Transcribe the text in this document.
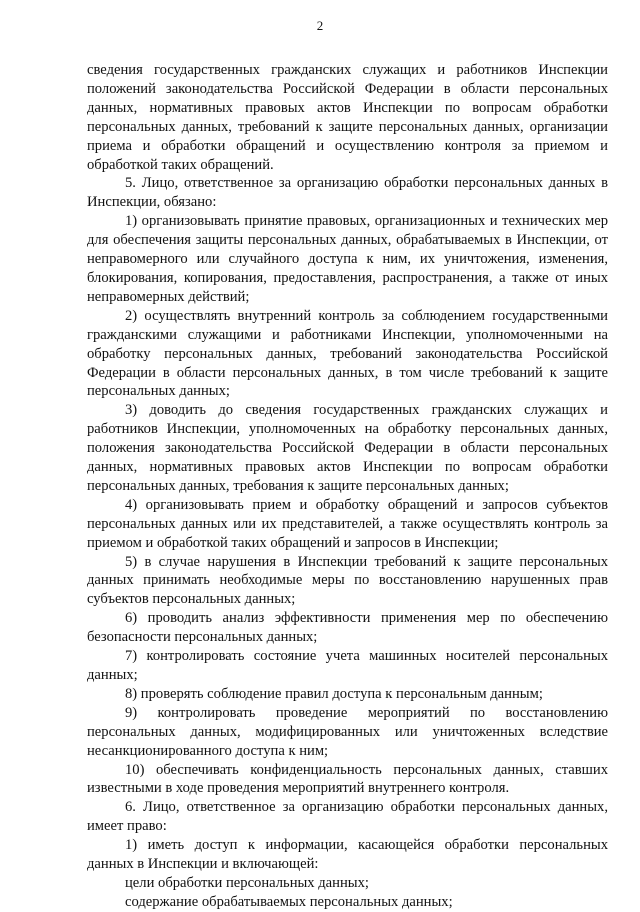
2

сведения государственных гражданских служащих и работников Инспекции положений законодательства Российской Федерации в области персональных данных, нормативных правовых актов Инспекции по вопросам обработки персональных данных, требований к защите персональных данных, организации приема и обработки обращений и осуществлению контроля за приемом и обработкой таких обращений.

5. Лицо, ответственное за организацию обработки персональных данных в Инспекции, обязано:

1) организовывать принятие правовых, организационных и технических мер для обеспечения защиты персональных данных, обрабатываемых в Инспекции, от неправомерного или случайного доступа к ним, их уничтожения, изменения, блокирования, копирования, предоставления, распространения, а также от иных неправомерных действий;

2) осуществлять внутренний контроль за соблюдением государственными гражданскими служащими и работниками Инспекции, уполномоченными на обработку персональных данных, требований законодательства Российской Федерации в области персональных данных, в том числе требований к защите персональных данных;

3) доводить до сведения государственных гражданских служащих и работников Инспекции, уполномоченных на обработку персональных данных, положения законодательства Российской Федерации в области персональных данных, нормативных правовых актов Инспекции по вопросам обработки персональных данных, требования к защите персональных данных;

4) организовывать прием и обработку обращений и запросов субъектов персональных данных или их представителей, а также осуществлять контроль за приемом и обработкой таких обращений и запросов в Инспекции;

5) в случае нарушения в Инспекции требований к защите персональных данных принимать необходимые меры по восстановлению нарушенных прав субъектов персональных данных;

6) проводить анализ эффективности применения мер по обеспечению безопасности персональных данных;

7) контролировать состояние учета машинных носителей персональных данных;

8) проверять соблюдение правил доступа к персональным данным;

9) контролировать проведение мероприятий по восстановлению персональных данных, модифицированных или уничтоженных вследствие несанкционированного доступа к ним;

10) обеспечивать конфиденциальность персональных данных, ставших известными в ходе проведения мероприятий внутреннего контроля.

6. Лицо, ответственное за организацию обработки персональных данных, имеет право:

1) иметь доступ к информации, касающейся обработки персональных данных в Инспекции и включающей:

цели обработки персональных данных;

содержание обрабатываемых персональных данных;
